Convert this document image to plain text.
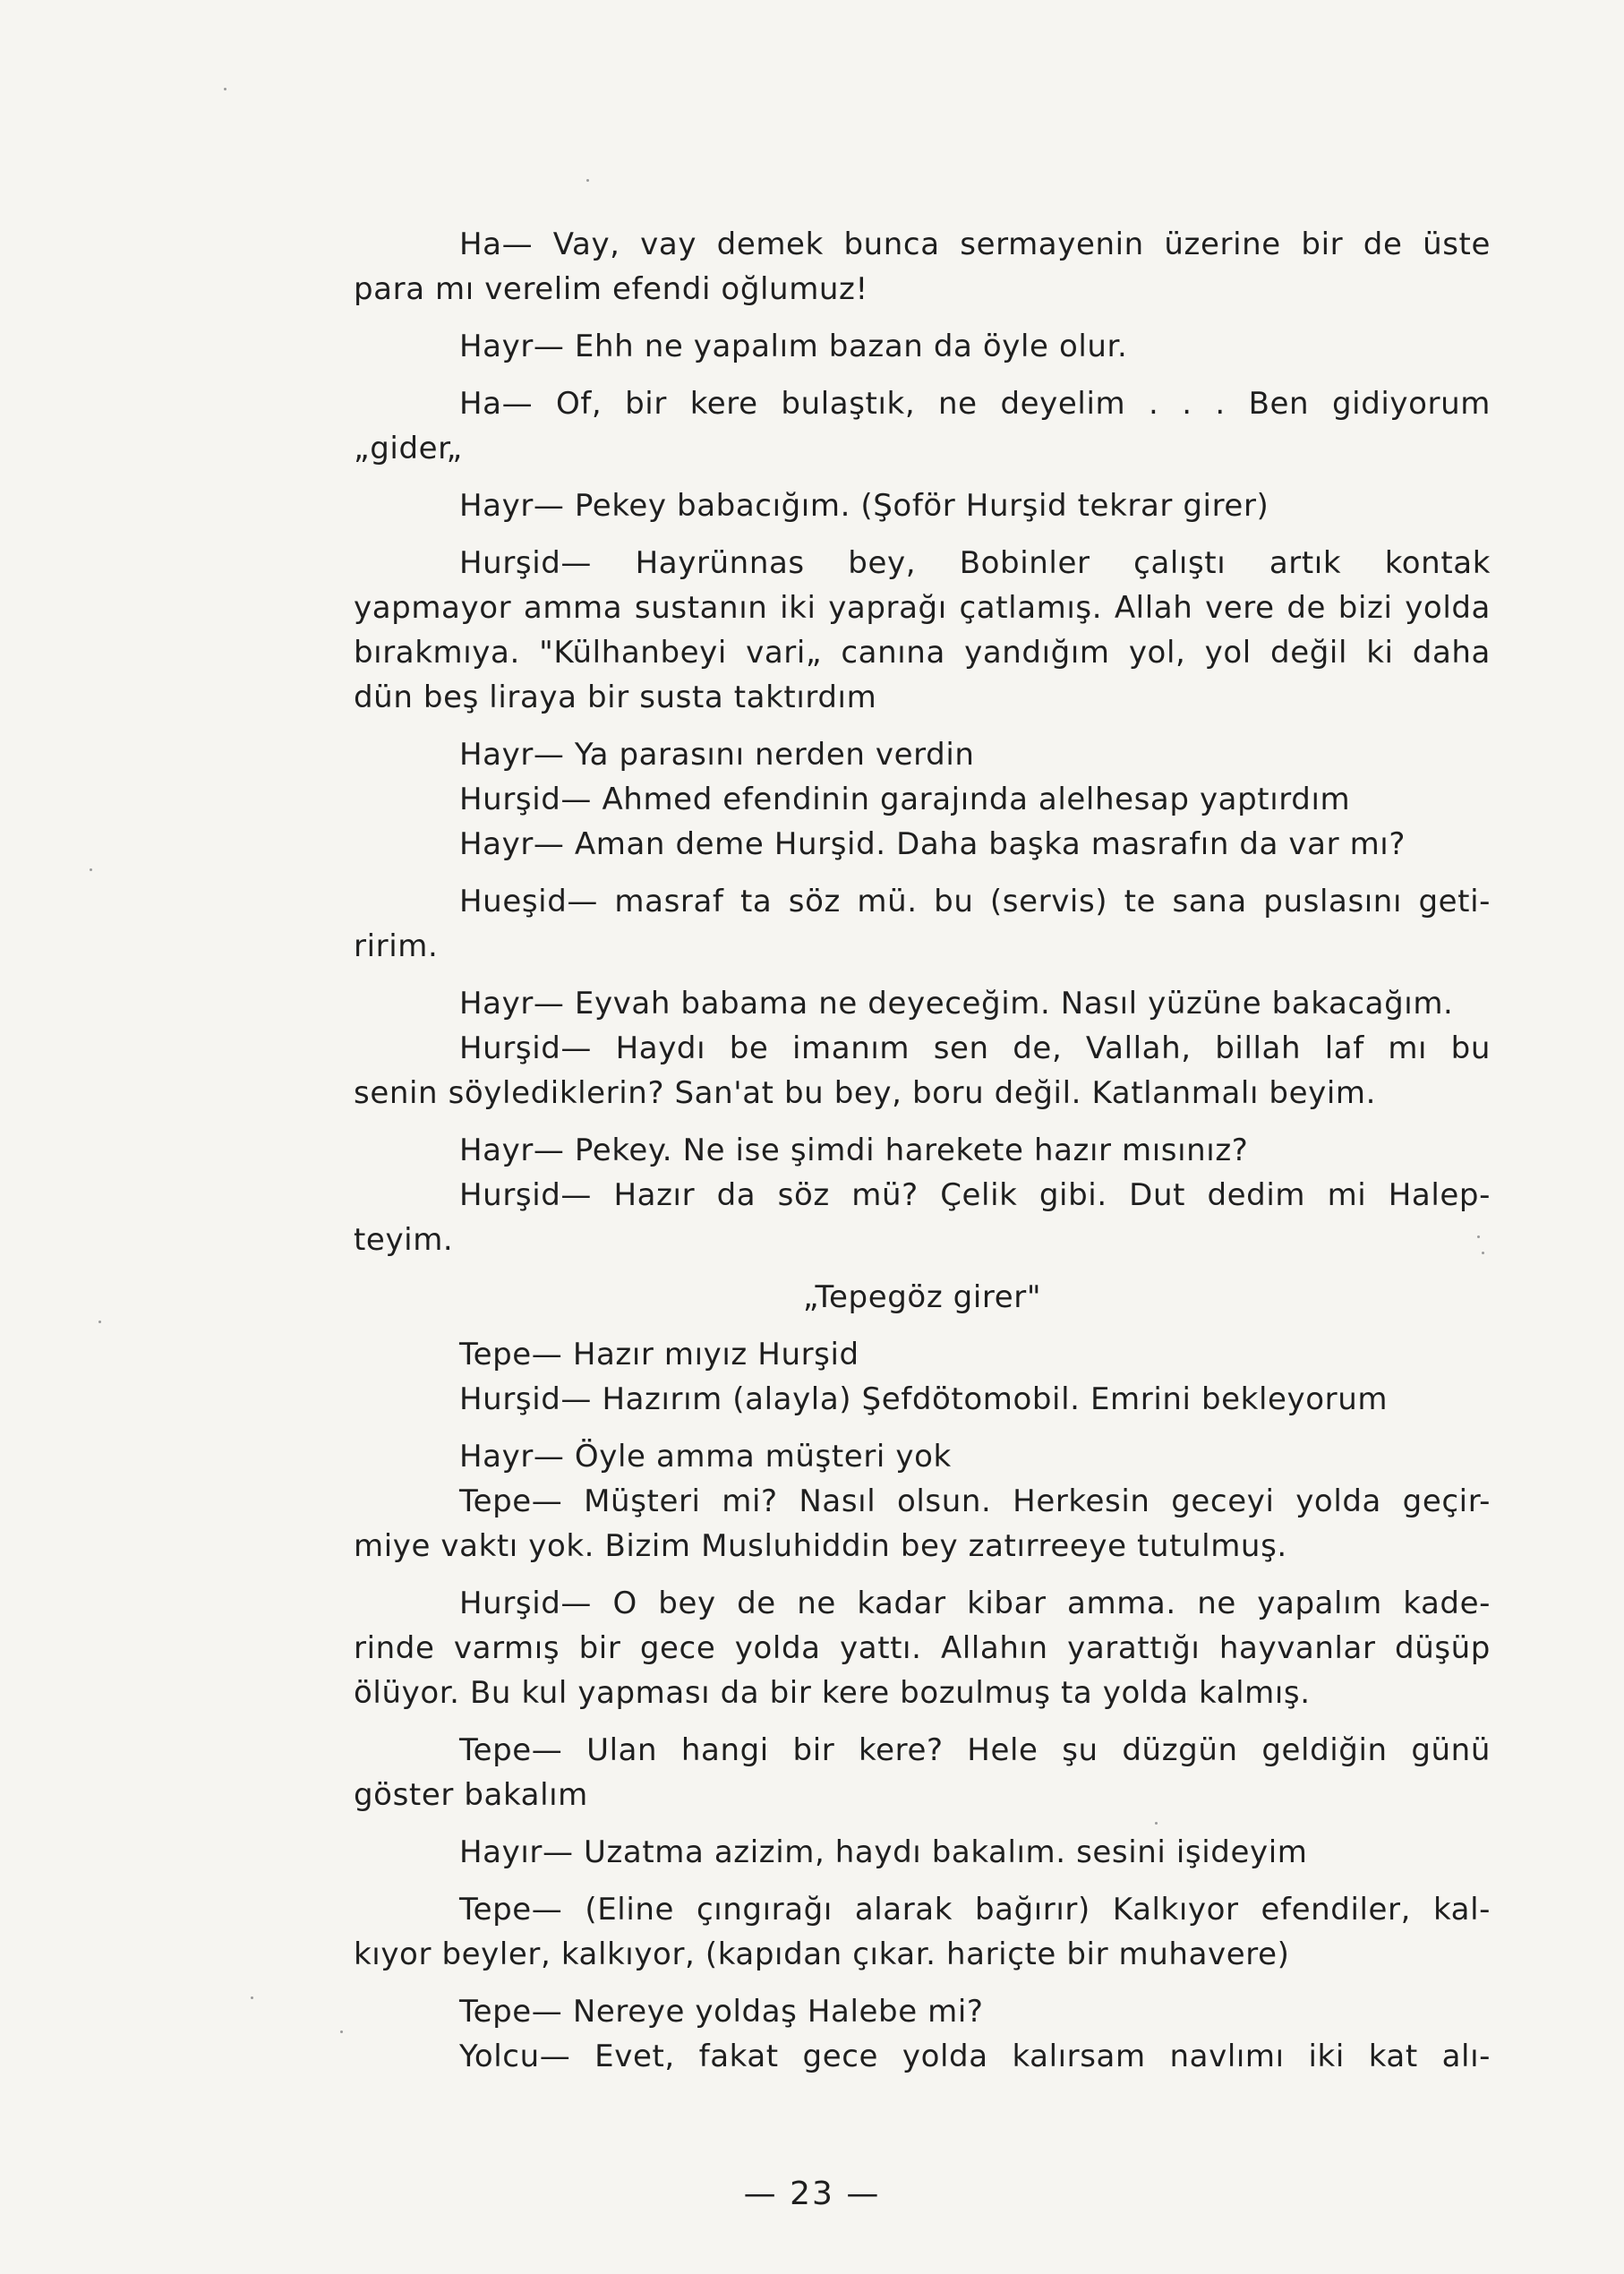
Ha— Vay, vay demek bunca sermayenin üzerine bir de üste
para mı verelim efendi oğlumuz!
Hayr— Ehh ne yapalım bazan da öyle olur.
Ha— Of, bir kere bulaştık, ne deyelim . . . Ben gidiyorum
„gider„
Hayr— Pekey babacığım. (Şoför Hurşid tekrar girer)
Hurşid— Hayrünnas bey, Bobinler çalıştı artık kontak
yapmayor amma sustanın iki yaprağı çatlamış. Allah vere de bizi yolda
bırakmıya. "Külhanbeyi vari„ canına yandığım yol, yol değil ki daha
dün beş liraya bir susta taktırdım
Hayr— Ya parasını nerden verdin
Hurşid— Ahmed efendinin garajında alelhesap yaptırdım
Hayr— Aman deme Hurşid. Daha başka masrafın da var mı?
Hueşid— masraf ta söz mü. bu (servis) te sana puslasını geti-
ririm.
Hayr— Eyvah babama ne deyeceğim. Nasıl yüzüne bakacağım.
Hurşid— Haydı be imanım sen de, Vallah, billah laf mı bu
senin söylediklerin? San'at bu bey, boru değil. Katlanmalı beyim.
Hayr— Pekey. Ne ise şimdi harekete hazır mısınız?
Hurşid— Hazır da söz mü? Çelik gibi. Dut dedim mi Halep-
teyim.
„Tepegöz girer"
Tepe— Hazır mıyız Hurşid
Hurşid— Hazırım (alayla) Şefdötomobil. Emrini bekleyorum
Hayr— Öyle amma müşteri yok
Tepe— Müşteri mi? Nasıl olsun. Herkesin geceyi yolda geçir-
miye vaktı yok. Bizim Musluhiddin bey zatırreeye tutulmuş.
Hurşid— O bey de ne kadar kibar amma. ne yapalım kade-
rinde varmış bir gece yolda yattı. Allahın yarattığı hayvanlar düşüp
ölüyor. Bu kul yapması da bir kere bozulmuş ta yolda kalmış.
Tepe— Ulan hangi bir kere? Hele şu düzgün geldiğin günü
göster bakalım
Hayır— Uzatma azizim, haydı bakalım. sesini işideyim
Tepe— (Eline çıngırağı alarak bağırır) Kalkıyor efendiler, kal-
kıyor beyler, kalkıyor, (kapıdan çıkar. hariçte bir muhavere)
Tepe— Nereye yoldaş Halebe mi?
Yolcu— Evet, fakat gece yolda kalırsam navlımı iki kat alı-
— 23 —
